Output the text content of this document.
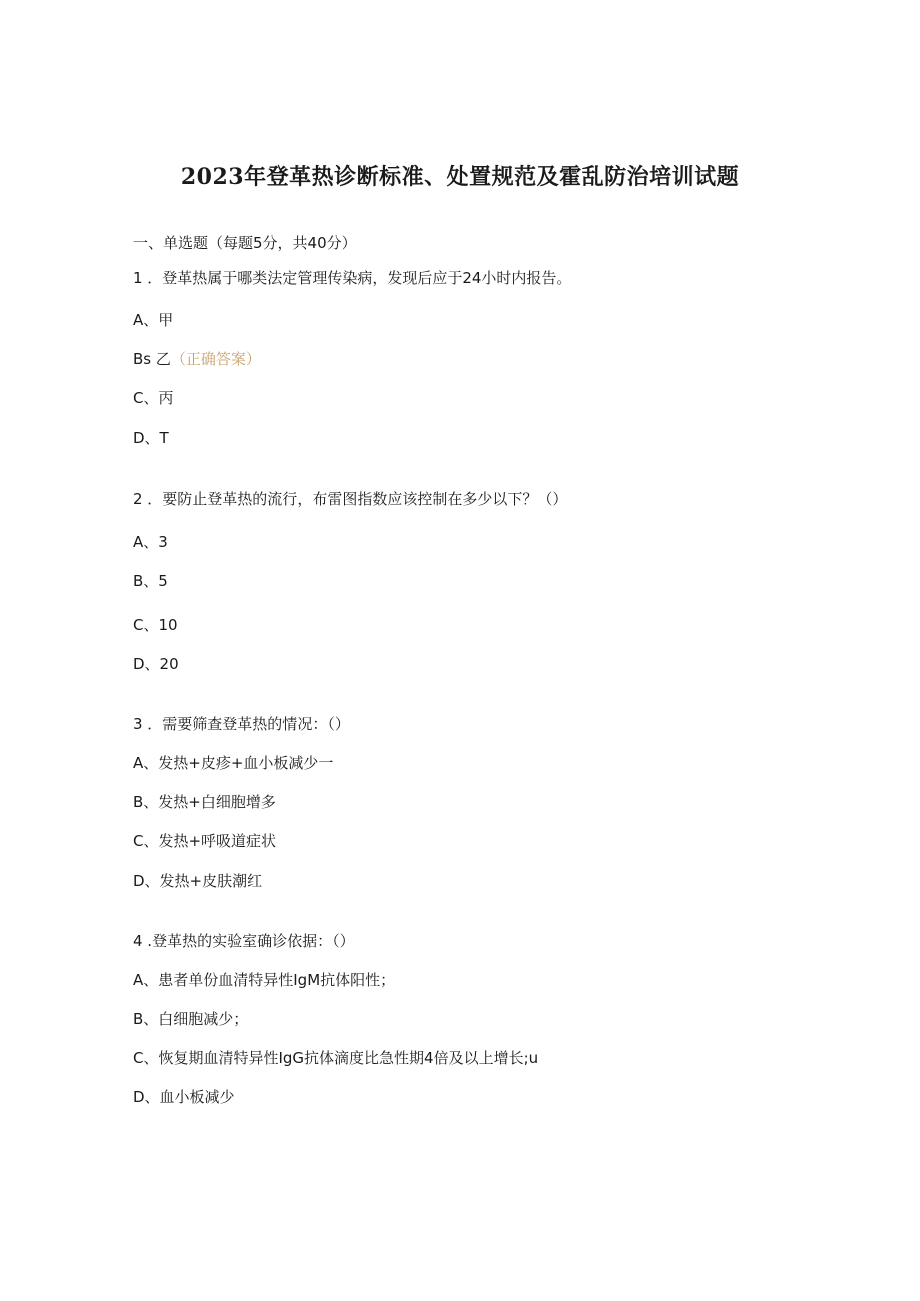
2023年登革热诊断标准、处置规范及霍乱防治培训试题
一、单选题（每题5分，共40分）
1 ．登革热属于哪类法定管理传染病，发现后应于24小时内报告。
A、甲
Bs 乙（正确答案）
C、丙
D、T
2 ．要防止登革热的流行，布雷图指数应该控制在多少以下？（）
A、3
B、5
C、10
D、20
3 ．需要筛查登革热的情况：（）
A、发热+皮疹+血小板减少一
B、发热+白细胞增多
C、发热+呼吸道症状
D、发热+皮肤潮红
4 .登革热的实验室确诊依据：（）
A、患者单份血清特异性IgM抗体阳性；
B、白细胞减少；
C、恢复期血清特异性IgG抗体滴度比急性期4倍及以上增长;u
D、血小板减少
